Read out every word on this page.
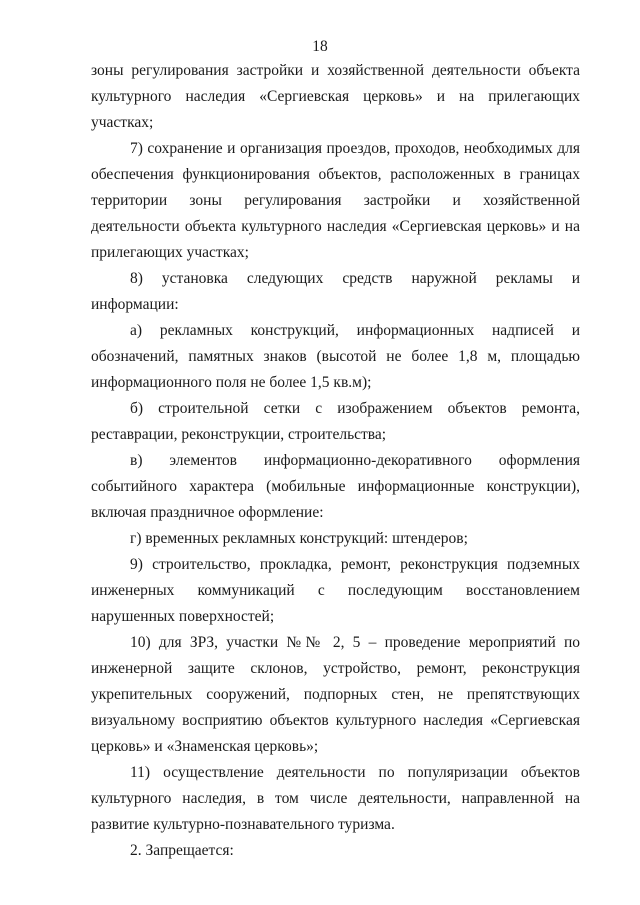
18

зоны регулирования застройки и хозяйственной деятельности объекта культурного наследия «Сергиевская церковь» и на прилегающих участках;

7) сохранение и организация проездов, проходов, необходимых для обеспечения функционирования объектов, расположенных в границах территории зоны регулирования застройки и хозяйственной деятельности объекта культурного наследия «Сергиевская церковь» и на прилегающих участках;

8) установка следующих средств наружной рекламы и информации:

а) рекламных конструкций, информационных надписей и обозначений, памятных знаков (высотой не более 1,8 м, площадью информационного поля не более 1,5 кв.м);

б) строительной сетки с изображением объектов ремонта, реставрации, реконструкции, строительства;

в) элементов информационно-декоративного оформления событийного характера (мобильные информационные конструкции), включая праздничное оформление:

г) временных рекламных конструкций: штендеров;

9) строительство, прокладка, ремонт, реконструкция подземных инженерных коммуникаций с последующим восстановлением нарушенных поверхностей;

10) для ЗРЗ, участки №№ 2, 5 – проведение мероприятий по инженерной защите склонов, устройство, ремонт, реконструкция укрепительных сооружений, подпорных стен, не препятствующих визуальному восприятию объектов культурного наследия «Сергиевская церковь» и «Знаменская церковь»;

11) осуществление деятельности по популяризации объектов культурного наследия, в том числе деятельности, направленной на развитие культурно-познавательного туризма.

2. Запрещается:
